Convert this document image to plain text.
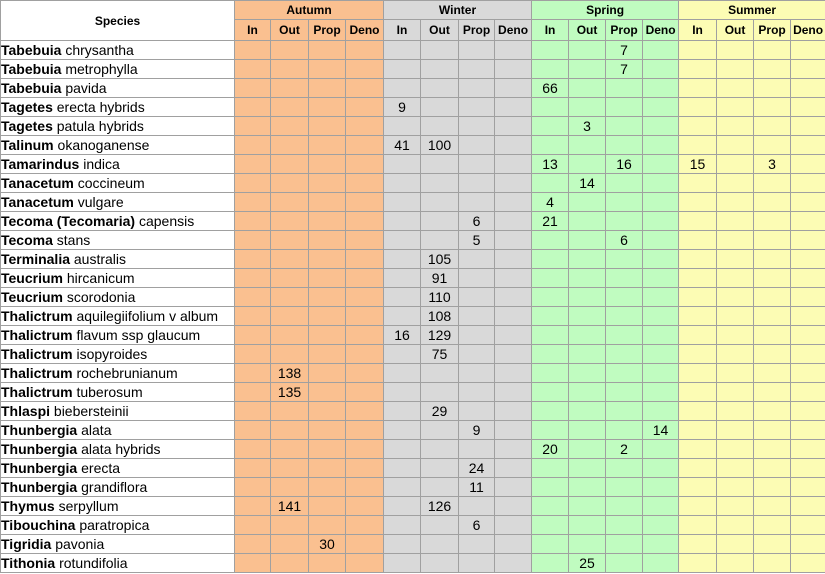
Species	Autumn				Winter				Spring				Summer			
	In	Out	Prop	Deno	In	Out	Prop	Deno	In	Out	Prop	Deno	In	Out	Prop	Deno
Tabebuia chrysantha											7					
Tabebuia metrophylla											7					
Tabebuia pavida									66							
Tagetes erecta hybrids					9											
Tagetes patula hybrids										3						
Talinum okanoganense					41	100										
Tamarindus indica									13		16		15		3	
Tanacetum coccineum										14						
Tanacetum vulgare									4							
Tecoma (Tecomaria) capensis							6		21							
Tecoma stans							5				6					
Terminalia australis						105										
Teucrium hircanicum						91										
Teucrium scorodonia						110										
Thalictrum aquilegiifolium v album						108										
Thalictrum flavum ssp glaucum					16	129										
Thalictrum isopyroides						75										
Thalictrum rochebrunianum		138														
Thalictrum tuberosum		135														
Thlaspi biebersteinii						29										
Thunbergia alata							9					14				
Thunbergia alata hybrids									20		2					
Thunbergia erecta							24									
Thunbergia grandiflora							11									
Thymus serpyllum		141				126										
Tibouchina paratropica							6									
Tigridia pavonia			30													
Tithonia rotundifolia										25						
